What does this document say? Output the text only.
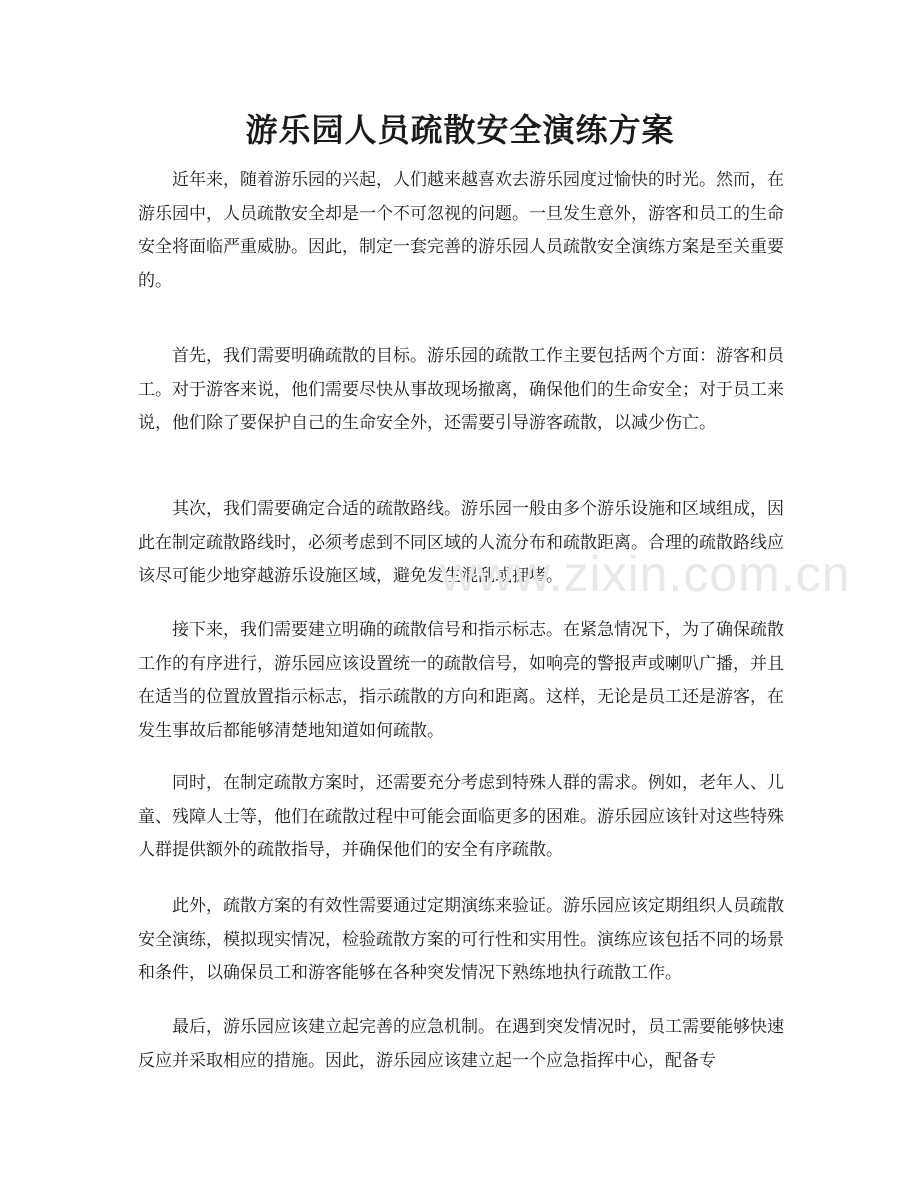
游乐园人员疏散安全演练方案

近年来，随着游乐园的兴起，人们越来越喜欢去游乐园度过愉快的时光。然而，在游乐园中，人员疏散安全却是一个不可忽视的问题。一旦发生意外，游客和员工的生命安全将面临严重威胁。因此，制定一套完善的游乐园人员疏散安全演练方案是至关重要的。

首先，我们需要明确疏散的目标。游乐园的疏散工作主要包括两个方面：游客和员工。对于游客来说，他们需要尽快从事故现场撤离，确保他们的生命安全；对于员工来说，他们除了要保护自己的生命安全外，还需要引导游客疏散，以减少伤亡。

其次，我们需要确定合适的疏散路线。游乐园一般由多个游乐设施和区域组成，因此在制定疏散路线时，必须考虑到不同区域的人流分布和疏散距离。合理的疏散路线应该尽可能少地穿越游乐设施区域，避免发生混乱或拥堵。

接下来，我们需要建立明确的疏散信号和指示标志。在紧急情况下，为了确保疏散工作的有序进行，游乐园应该设置统一的疏散信号，如响亮的警报声或喇叭广播，并且在适当的位置放置指示标志，指示疏散的方向和距离。这样，无论是员工还是游客，在发生事故后都能够清楚地知道如何疏散。

同时，在制定疏散方案时，还需要充分考虑到特殊人群的需求。例如，老年人、儿童、残障人士等，他们在疏散过程中可能会面临更多的困难。游乐园应该针对这些特殊人群提供额外的疏散指导，并确保他们的安全有序疏散。

此外，疏散方案的有效性需要通过定期演练来验证。游乐园应该定期组织人员疏散安全演练，模拟现实情况，检验疏散方案的可行性和实用性。演练应该包括不同的场景和条件，以确保员工和游客能够在各种突发情况下熟练地执行疏散工作。

最后，游乐园应该建立起完善的应急机制。在遇到突发情况时，员工需要能够快速反应并采取相应的措施。因此，游乐园应该建立起一个应急指挥中心，配备专

www.zixin.com.cn
